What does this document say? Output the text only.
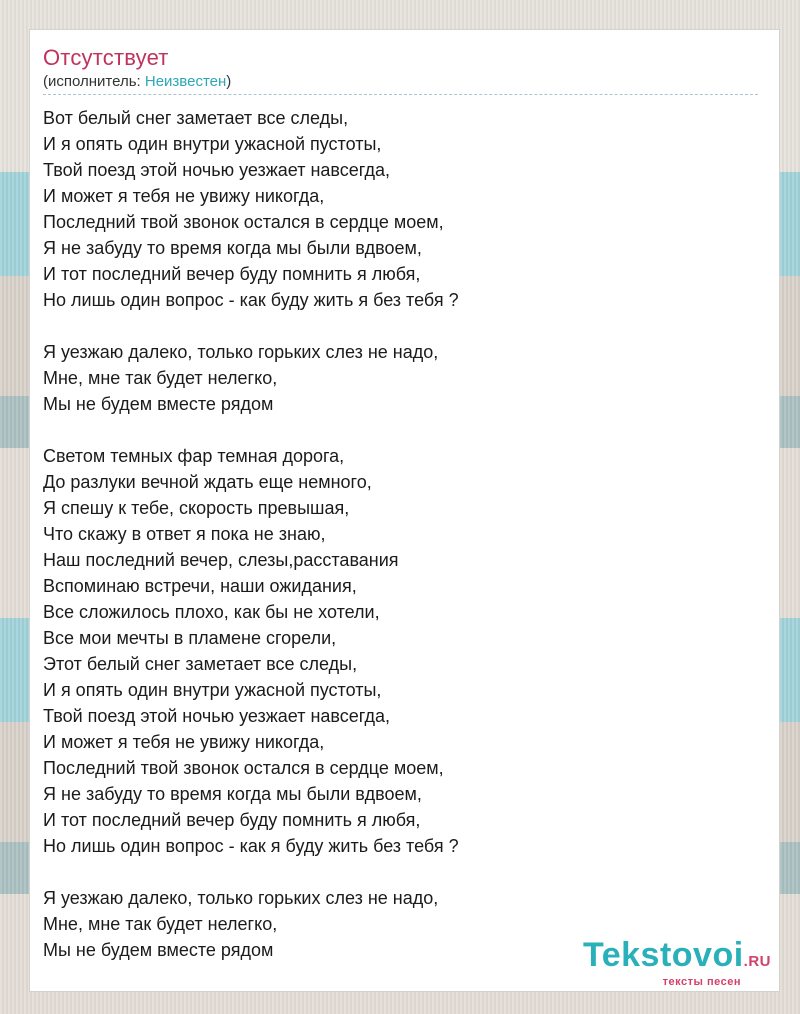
Отсутствует
(исполнитель: Неизвестен)
Вот белый снег заметает все следы,
И я опять один внутри ужасной пустоты,
Твой поезд этой ночью уезжает навсегда,
И может я тебя не увижу никогда,
Последний твой звонок остался в сердце моем,
Я не забуду то время когда мы были вдвоем,
И тот последний вечер буду помнить я любя,
Но лишь один вопрос - как буду жить я без тебя ?
Я уезжаю далеко, только горьких слез не надо,
Мне, мне так будет нелегко,
Мы не будем вместе рядом
Светом темных фар темная дорога,
До разлуки вечной ждать еще немного,
Я спешу к тебе, скорость превышая,
Что скажу в ответ я пока не знаю,
Наш последний вечер, слезы,расставания
Вспоминаю встречи, наши ожидания,
Все сложилось плохо, как бы не хотели,
Все мои мечты в пламене сгорели,
Этот белый снег заметает все следы,
И я опять один внутри ужасной пустоты,
Твой поезд этой ночью уезжает навсегда,
И может я тебя не увижу никогда,
Последний твой звонок остался в сердце моем,
Я не забуду то время когда мы были вдвоем,
И тот последний вечер буду помнить я любя,
Но лишь один вопрос - как я буду жить без тебя ?
Я уезжаю далеко, только горьких слез не надо,
Мне, мне так будет нелегко,
Мы не будем вместе рядом	Tekstovoi.RU
тексты песен
